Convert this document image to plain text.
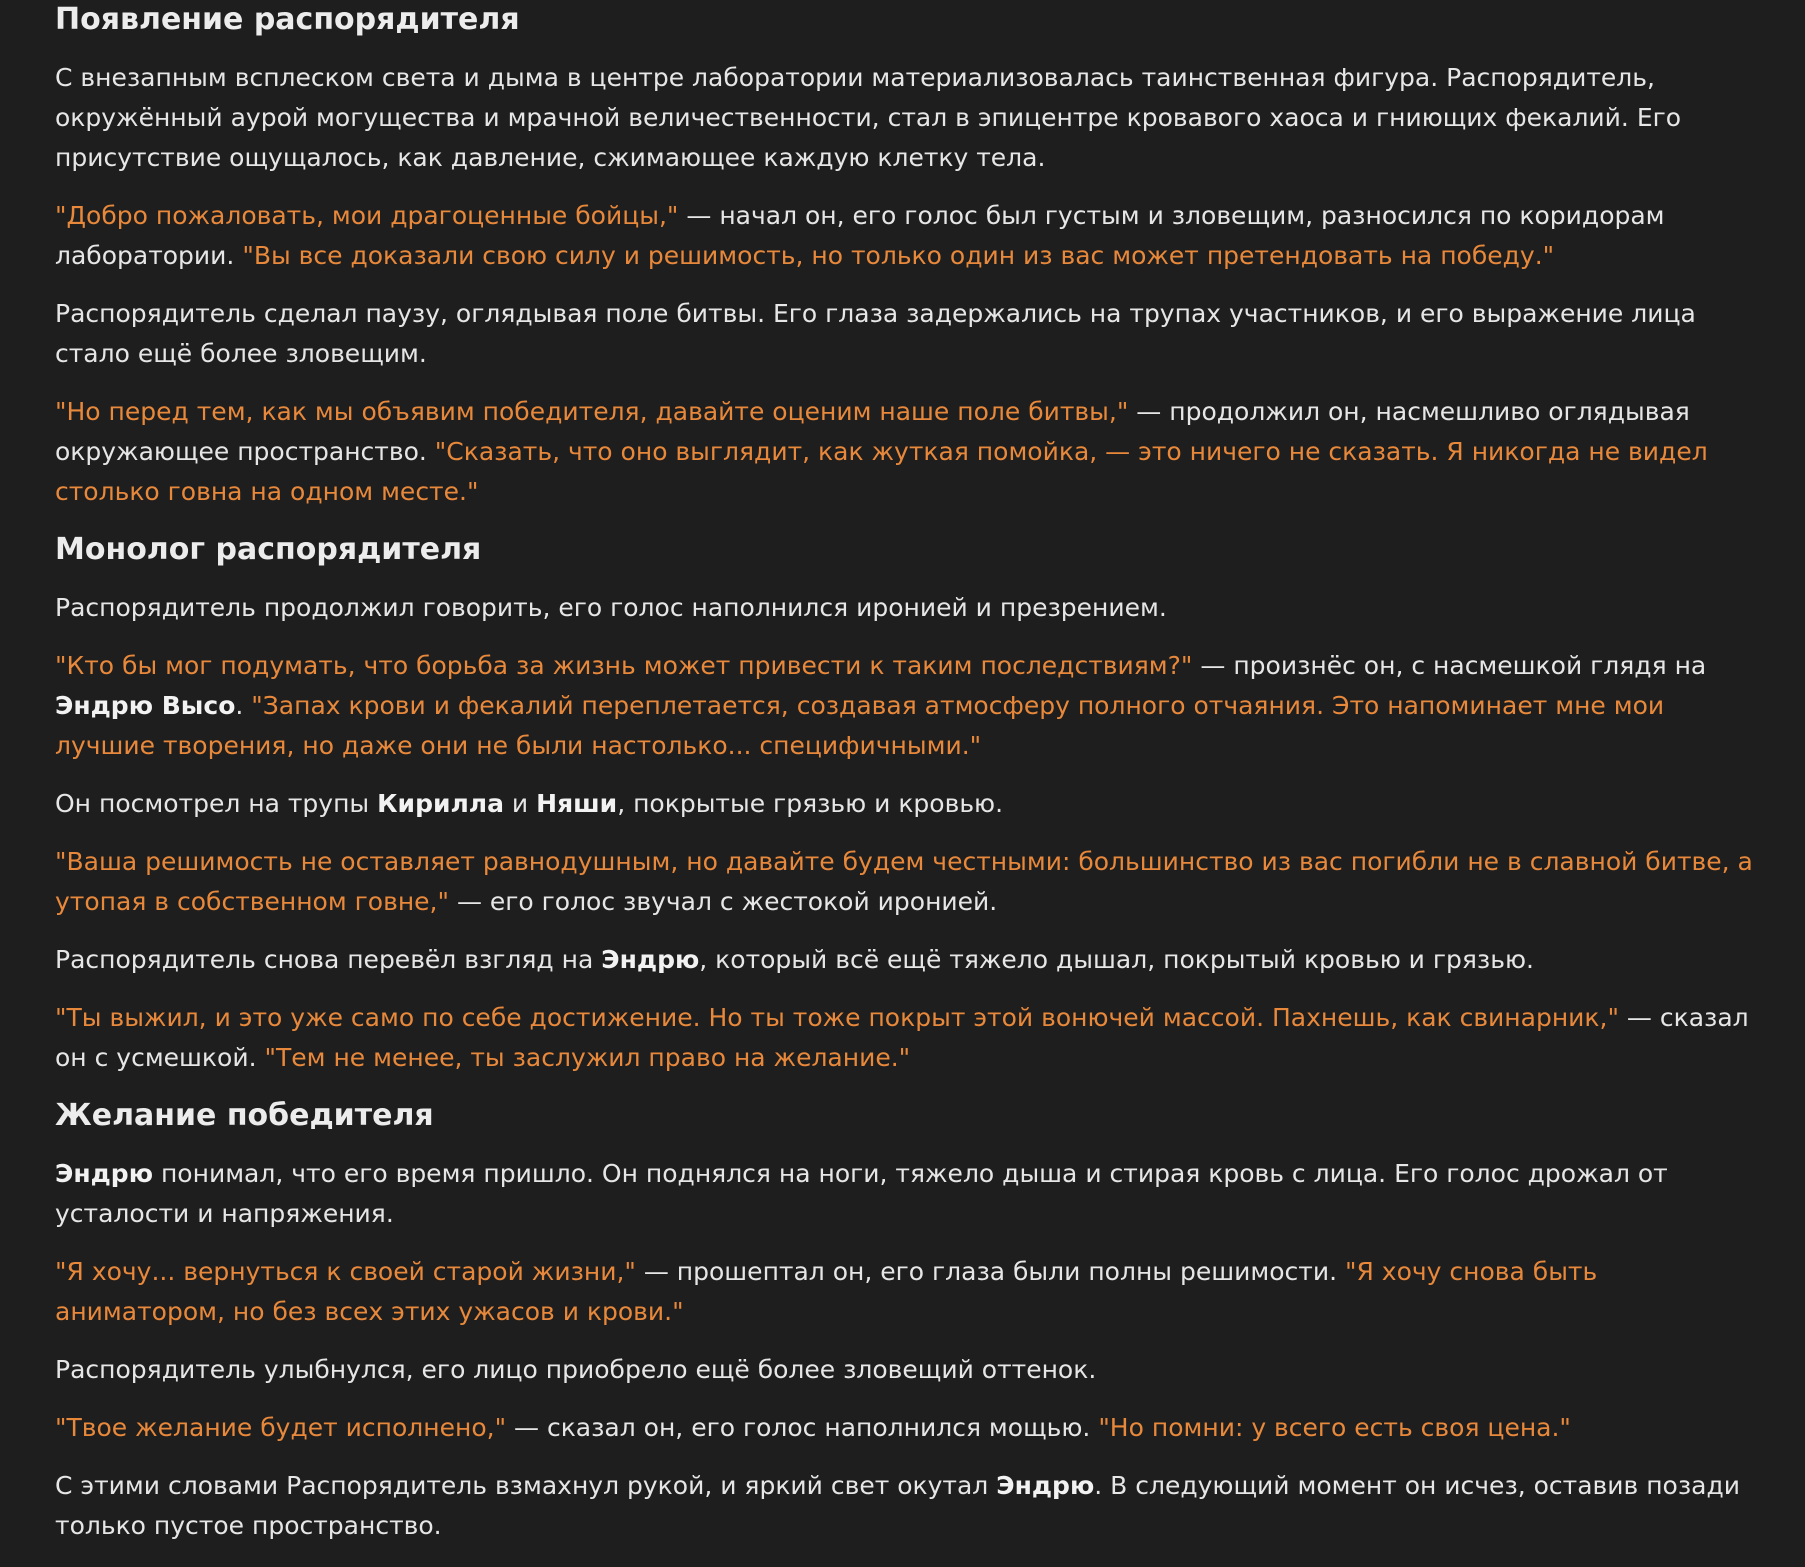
Появление распорядителя

С внезапным всплеском света и дыма в центре лаборатории материализовалась таинственная фигура. Распорядитель, окружённый аурой могущества и мрачной величественности, стал в эпицентре кровавого хаоса и гниющих фекалий. Его присутствие ощущалось, как давление, сжимающее каждую клетку тела.

"Добро пожаловать, мои драгоценные бойцы," — начал он, его голос был густым и зловещим, разносился по коридорам лаборатории. "Вы все доказали свою силу и решимость, но только один из вас может претендовать на победу."

Распорядитель сделал паузу, оглядывая поле битвы. Его глаза задержались на трупах участников, и его выражение лица стало ещё более зловещим.

"Но перед тем, как мы объявим победителя, давайте оценим наше поле битвы," — продолжил он, насмешливо оглядывая окружающее пространство. "Сказать, что оно выглядит, как жуткая помойка, — это ничего не сказать. Я никогда не видел столько говна на одном месте."

Монолог распорядителя

Распорядитель продолжил говорить, его голос наполнился иронией и презрением.

"Кто бы мог подумать, что борьба за жизнь может привести к таким последствиям?" — произнёс он, с насмешкой глядя на Эндрю Высо. "Запах крови и фекалий переплетается, создавая атмосферу полного отчаяния. Это напоминает мне мои лучшие творения, но даже они не были настолько... специфичными."

Он посмотрел на трупы Кирилла и Няши, покрытые грязью и кровью.

"Ваша решимость не оставляет равнодушным, но давайте будем честными: большинство из вас погибли не в славной битве, а утопая в собственном говне," — его голос звучал с жестокой иронией.

Распорядитель снова перевёл взгляд на Эндрю, который всё ещё тяжело дышал, покрытый кровью и грязью.

"Ты выжил, и это уже само по себе достижение. Но ты тоже покрыт этой вонючей массой. Пахнешь, как свинарник," — сказал он с усмешкой. "Тем не менее, ты заслужил право на желание."

Желание победителя

Эндрю понимал, что его время пришло. Он поднялся на ноги, тяжело дыша и стирая кровь с лица. Его голос дрожал от усталости и напряжения.

"Я хочу... вернуться к своей старой жизни," — прошептал он, его глаза были полны решимости. "Я хочу снова быть аниматором, но без всех этих ужасов и крови."

Распорядитель улыбнулся, его лицо приобрело ещё более зловещий оттенок.

"Твое желание будет исполнено," — сказал он, его голос наполнился мощью. "Но помни: у всего есть своя цена."

С этими словами Распорядитель взмахнул рукой, и яркий свет окутал Эндрю. В следующий момент он исчез, оставив позади только пустое пространство.
